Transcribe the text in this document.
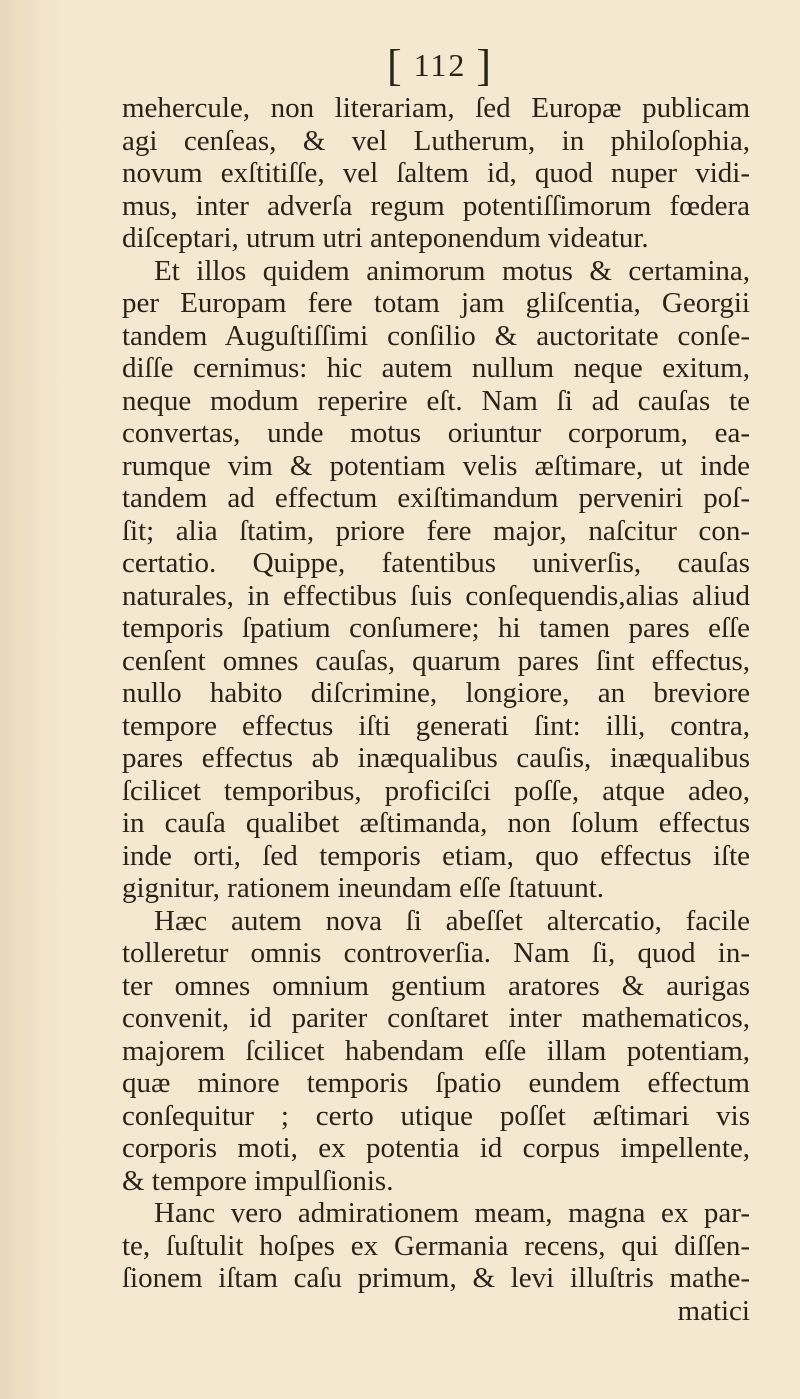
[ 112 ]
mehercule, non literariam, ſed Europæ publicam
agi cenſeas, & vel Lutherum, in philoſophia,
novum exſtitiſſe, vel ſaltem id, quod nuper vidi-
mus, inter adverſa regum potentiſſimorum fœdera
diſceptari, utrum utri anteponendum videatur.
Et illos quidem animorum motus & certamina,
per Europam fere totam jam gliſcentia, Georgii
tandem Auguſtiſſimi conſilio & auctoritate conſe-
diſſe cernimus: hic autem nullum neque exitum,
neque modum reperire eſt. Nam ſi ad cauſas te
convertas, unde motus oriuntur corporum, ea-
rumque vim & potentiam velis æſtimare, ut inde
tandem ad effectum exiſtimandum perveniri poſ-
ſit; alia ſtatim, priore fere major, naſcitur con-
certatio. Quippe, fatentibus univerſis, cauſas
naturales, in effectibus ſuis conſequendis,alias aliud
temporis ſpatium conſumere; hi tamen pares eſſe
cenſent omnes cauſas, quarum pares ſint effectus,
nullo habito diſcrimine, longiore, an breviore
tempore effectus iſti generati ſint: illi, contra,
pares effectus ab inæqualibus cauſis, inæqualibus
ſcilicet temporibus, proficiſci poſſe, atque adeo,
in cauſa qualibet æſtimanda, non ſolum effectus
inde orti, ſed temporis etiam, quo effectus iſte
gignitur, rationem ineundam eſſe ſtatuunt.
Hæc autem nova ſi abeſſet altercatio, facile
tolleretur omnis controverſia. Nam ſi, quod in-
ter omnes omnium gentium aratores & aurigas
convenit, id pariter conſtaret inter mathematicos,
majorem ſcilicet habendam eſſe illam potentiam,
quæ minore temporis ſpatio eundem effectum
conſequitur ; certo utique poſſet æſtimari vis
corporis moti, ex potentia id corpus impellente,
& tempore impulſionis.
Hanc vero admirationem meam, magna ex par-
te, ſuſtulit hoſpes ex Germania recens, qui diſſen-
ſionem iſtam caſu primum, & levi illuſtris mathe-
matici
